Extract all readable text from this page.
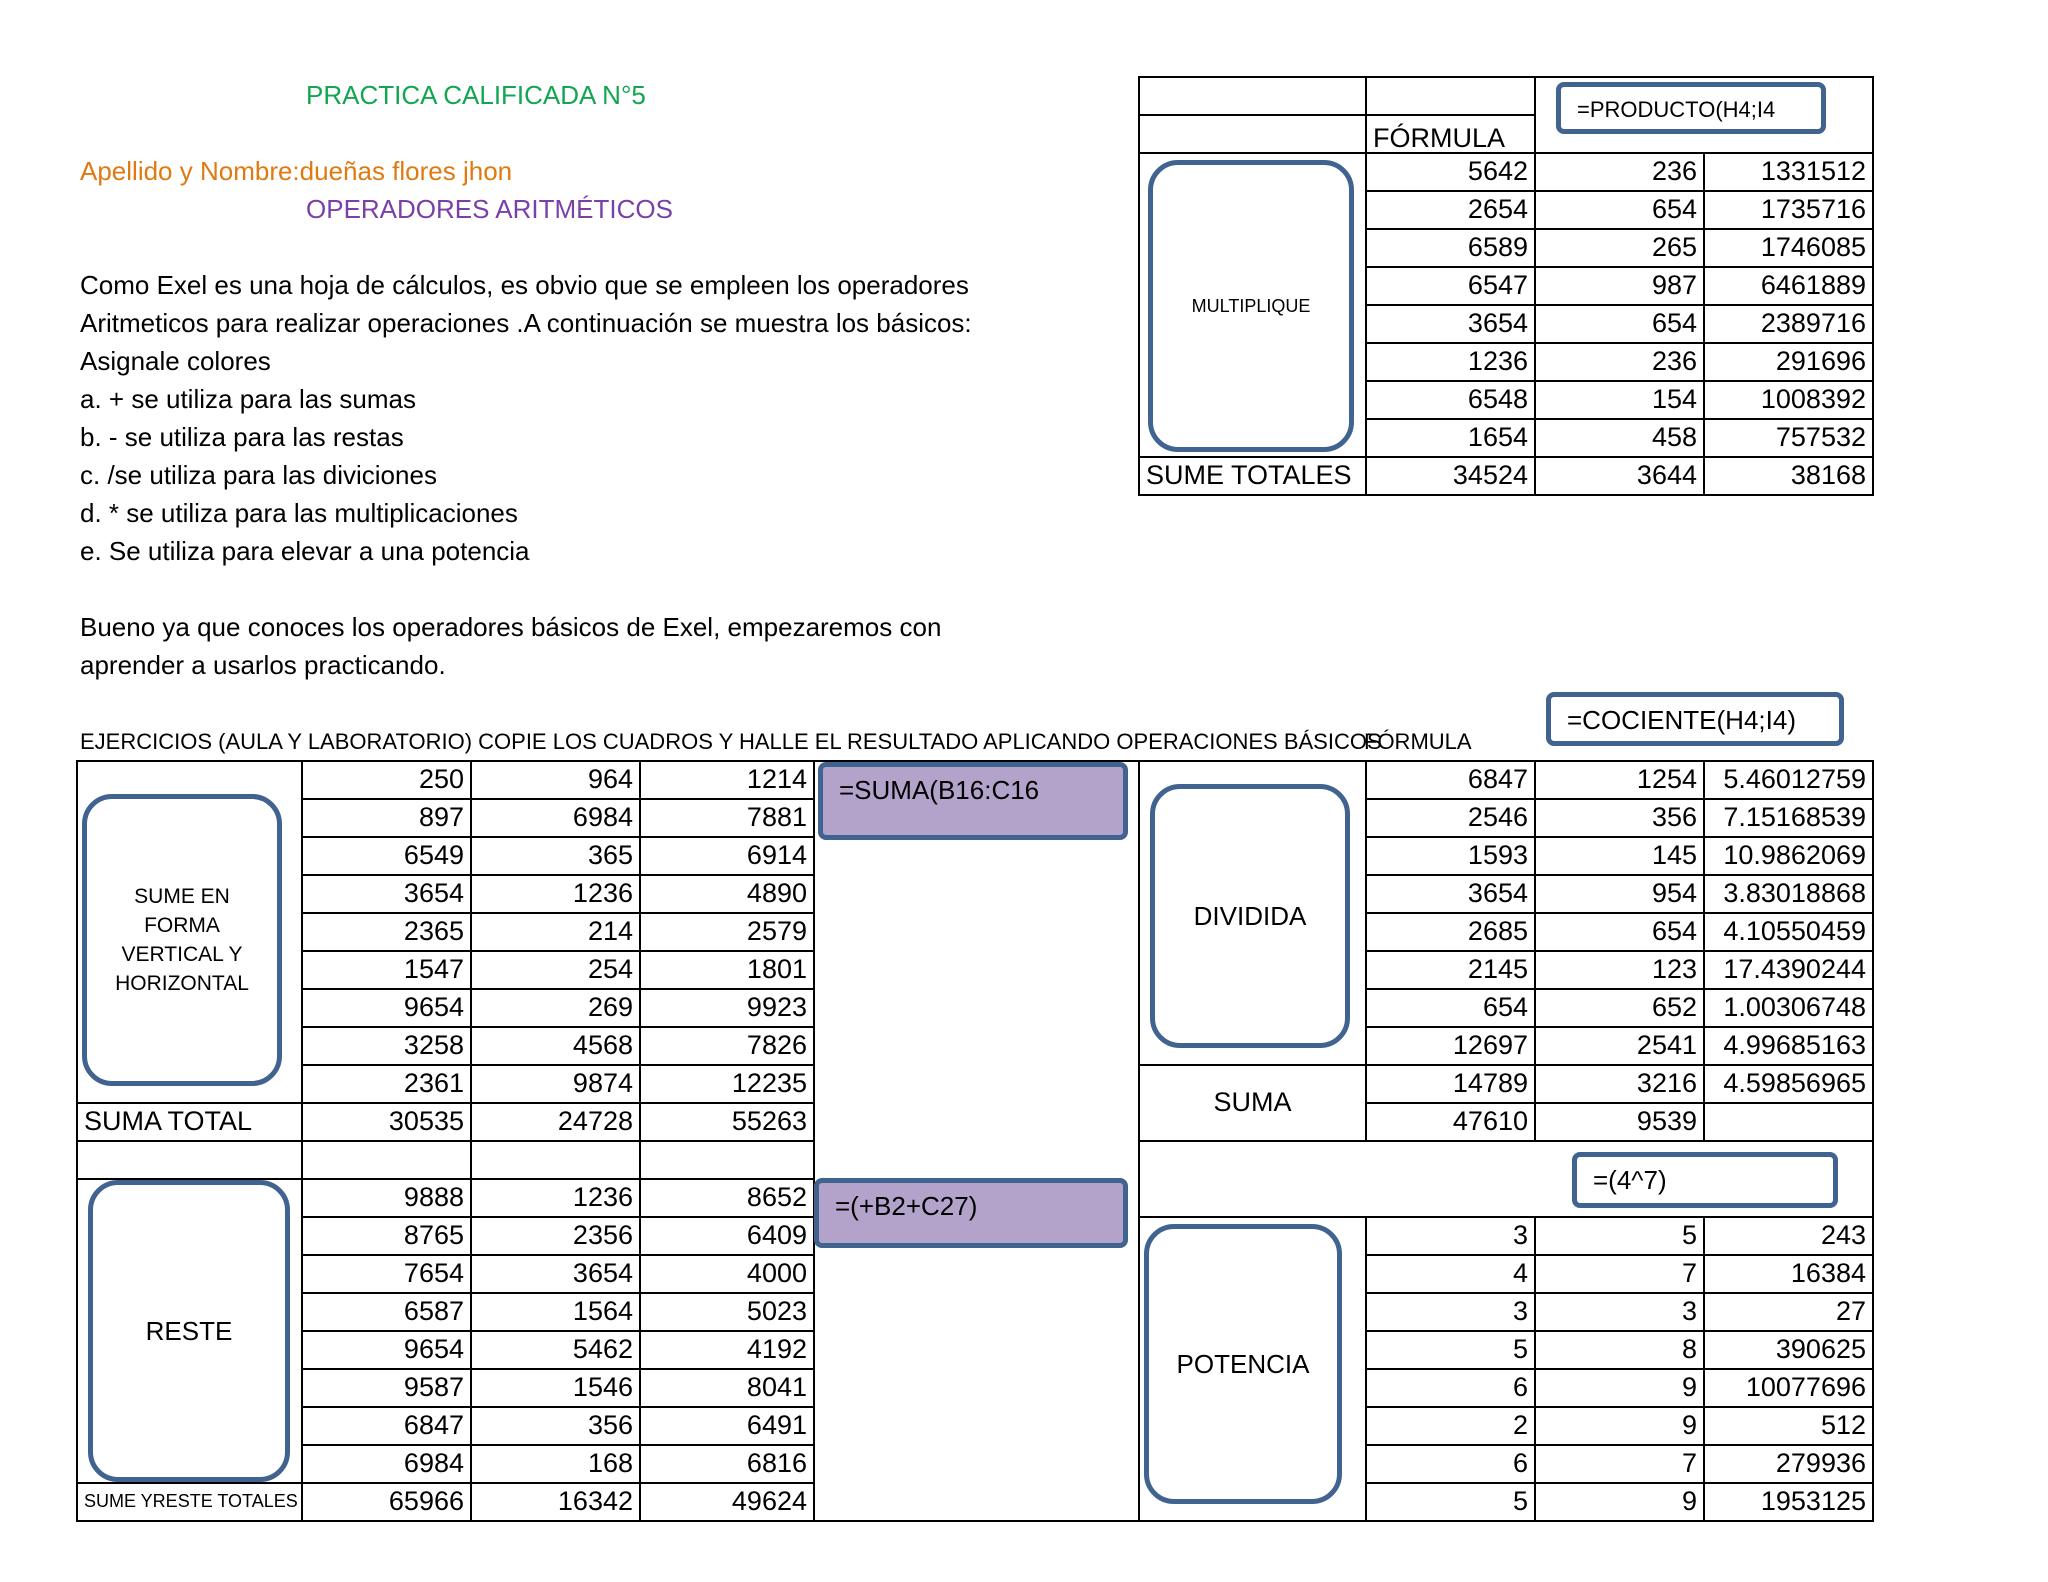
PRACTICA CALIFICADA N°5
Apellido y Nombre:dueñas flores jhon
OPERADORES ARITMÉTICOS
Como Exel es una hoja de cálculos, es obvio que se empleen los operadores
Aritmeticos para realizar operaciones .A continuación se muestra los básicos:
Asignale colores
a. + se utiliza para las sumas
b. - se utiliza para las restas
c. /se utiliza para las diviciones
d. * se utiliza para las multiplicaciones
e. Se utiliza para elevar a una potencia
Bueno ya que conoces los operadores básicos de Exel, empezaremos con
aprender a usarlos practicando.
EJERCICIOS (AULA Y LABORATORIO) COPIE LOS CUADROS Y HALLE EL RESULTADO APLICANDO OPERACIONES BÁSICOS
FÓRMULA
FÓRMULA
5642	236	1331512
2654	654	1735716
6589	265	1746085
6547	987	6461889
3654	654	2389716
1236	236	291696
6548	154	1008392
1654	458	757532
SUME TOTALES	34524	3644	38168
250	964	1214
897	6984	7881
6549	365	6914
3654	1236	4890
2365	214	2579
1547	254	1801
9654	269	9923
3258	4568	7826
2361	9874	12235
SUMA TOTAL	30535	24728	55263
9888	1236	8652
8765	2356	6409
7654	3654	4000
6587	1564	5023
9654	5462	4192
9587	1546	8041
6847	356	6491
6984	168	6816
SUME YRESTE TOTALES	65966	16342	49624
SUMA
6847	1254 5.46012759
2546	356 7.15168539
1593	145 10.9862069
3654	954 3.83018868
2685	654 4.10550459
2145	123 17.4390244
654	652 1.00306748
12697	2541 4.99685163
14789	3216 4.59856965
47610	9539
3	5	243
4	7	16384
3	3	27
5	8	390625
6	9	10077696
2	9	512
6	7	279936
5	9	1953125
MULTIPLIQUE
SUME EN FORMA VERTICAL Y HORIZONTAL
RESTE
DIVIDIDA
POTENCIA
=PRODUCTO(H4;I4
=COCIENTE(H4;I4)
=SUMA(B16:C16
=(+B2+C27)
=(4^7)
